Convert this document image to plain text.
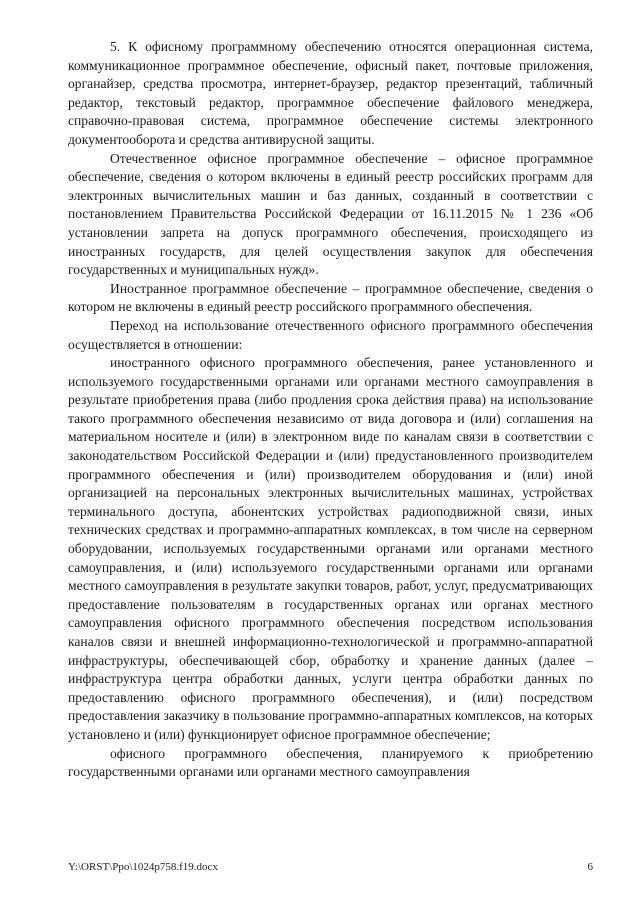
5. К офисному программному обеспечению относятся операционная система, коммуникационное программное обеспечение, офисный пакет, почтовые приложения, органайзер, средства просмотра, интернет-браузер, редактор презентаций, табличный редактор, текстовый редактор, программное обеспечение файлового менеджера, справочно-правовая система, программное обеспечение системы электронного документооборота и средства антивирусной защиты.

Отечественное офисное программное обеспечение – офисное программное обеспечение, сведения о котором включены в единый реестр российских программ для электронных вычислительных машин и баз данных, созданный в соответствии с постановлением Правительства Российской Федерации от 16.11.2015 № 1 236 «Об установлении запрета на допуск программного обеспечения, происходящего из иностранных государств, для целей осуществления закупок для обеспечения государственных и муниципальных нужд».

Иностранное программное обеспечение – программное обеспечение, сведения о котором не включены в единый реестр российского программного обеспечения.

Переход на использование отечественного офисного программного обеспечения осуществляется в отношении:

иностранного офисного программного обеспечения, ранее установленного и используемого государственными органами или органами местного самоуправления в результате приобретения права (либо продления срока действия права) на использование такого программного обеспечения независимо от вида договора и (или) соглашения на материальном носителе и (или) в электронном виде по каналам связи в соответствии с законодательством Российской Федерации и (или) предустановленного производителем программного обеспечения и (или) производителем оборудования и (или) иной организацией на персональных электронных вычислительных машинах, устройствах терминального доступа, абонентских устройствах радиоподвижной связи, иных технических средствах и программно-аппаратных комплексах, в том числе на серверном оборудовании, используемых государственными органами или органами местного самоуправления, и (или) используемого государственными органами или органами местного самоуправления в результате закупки товаров, работ, услуг, предусматривающих предоставление пользователям в государственных органах или органах местного самоуправления офисного программного обеспечения посредством использования каналов связи и внешней информационно-технологической и программно-аппаратной инфраструктуры, обеспечивающей сбор, обработку и хранение данных (далее – инфраструктура центра обработки данных, услуги центра обработки данных по предоставлению офисного программного обеспечения), и (или) посредством предоставления заказчику в пользование программно-аппаратных комплексов, на которых установлено и (или) функционирует офисное программное обеспечение;

офисного программного обеспечения, планируемого к приобретению государственными органами или органами местного самоуправления

Y:\ORST\Ppo\1024p758.f19.docx	6
